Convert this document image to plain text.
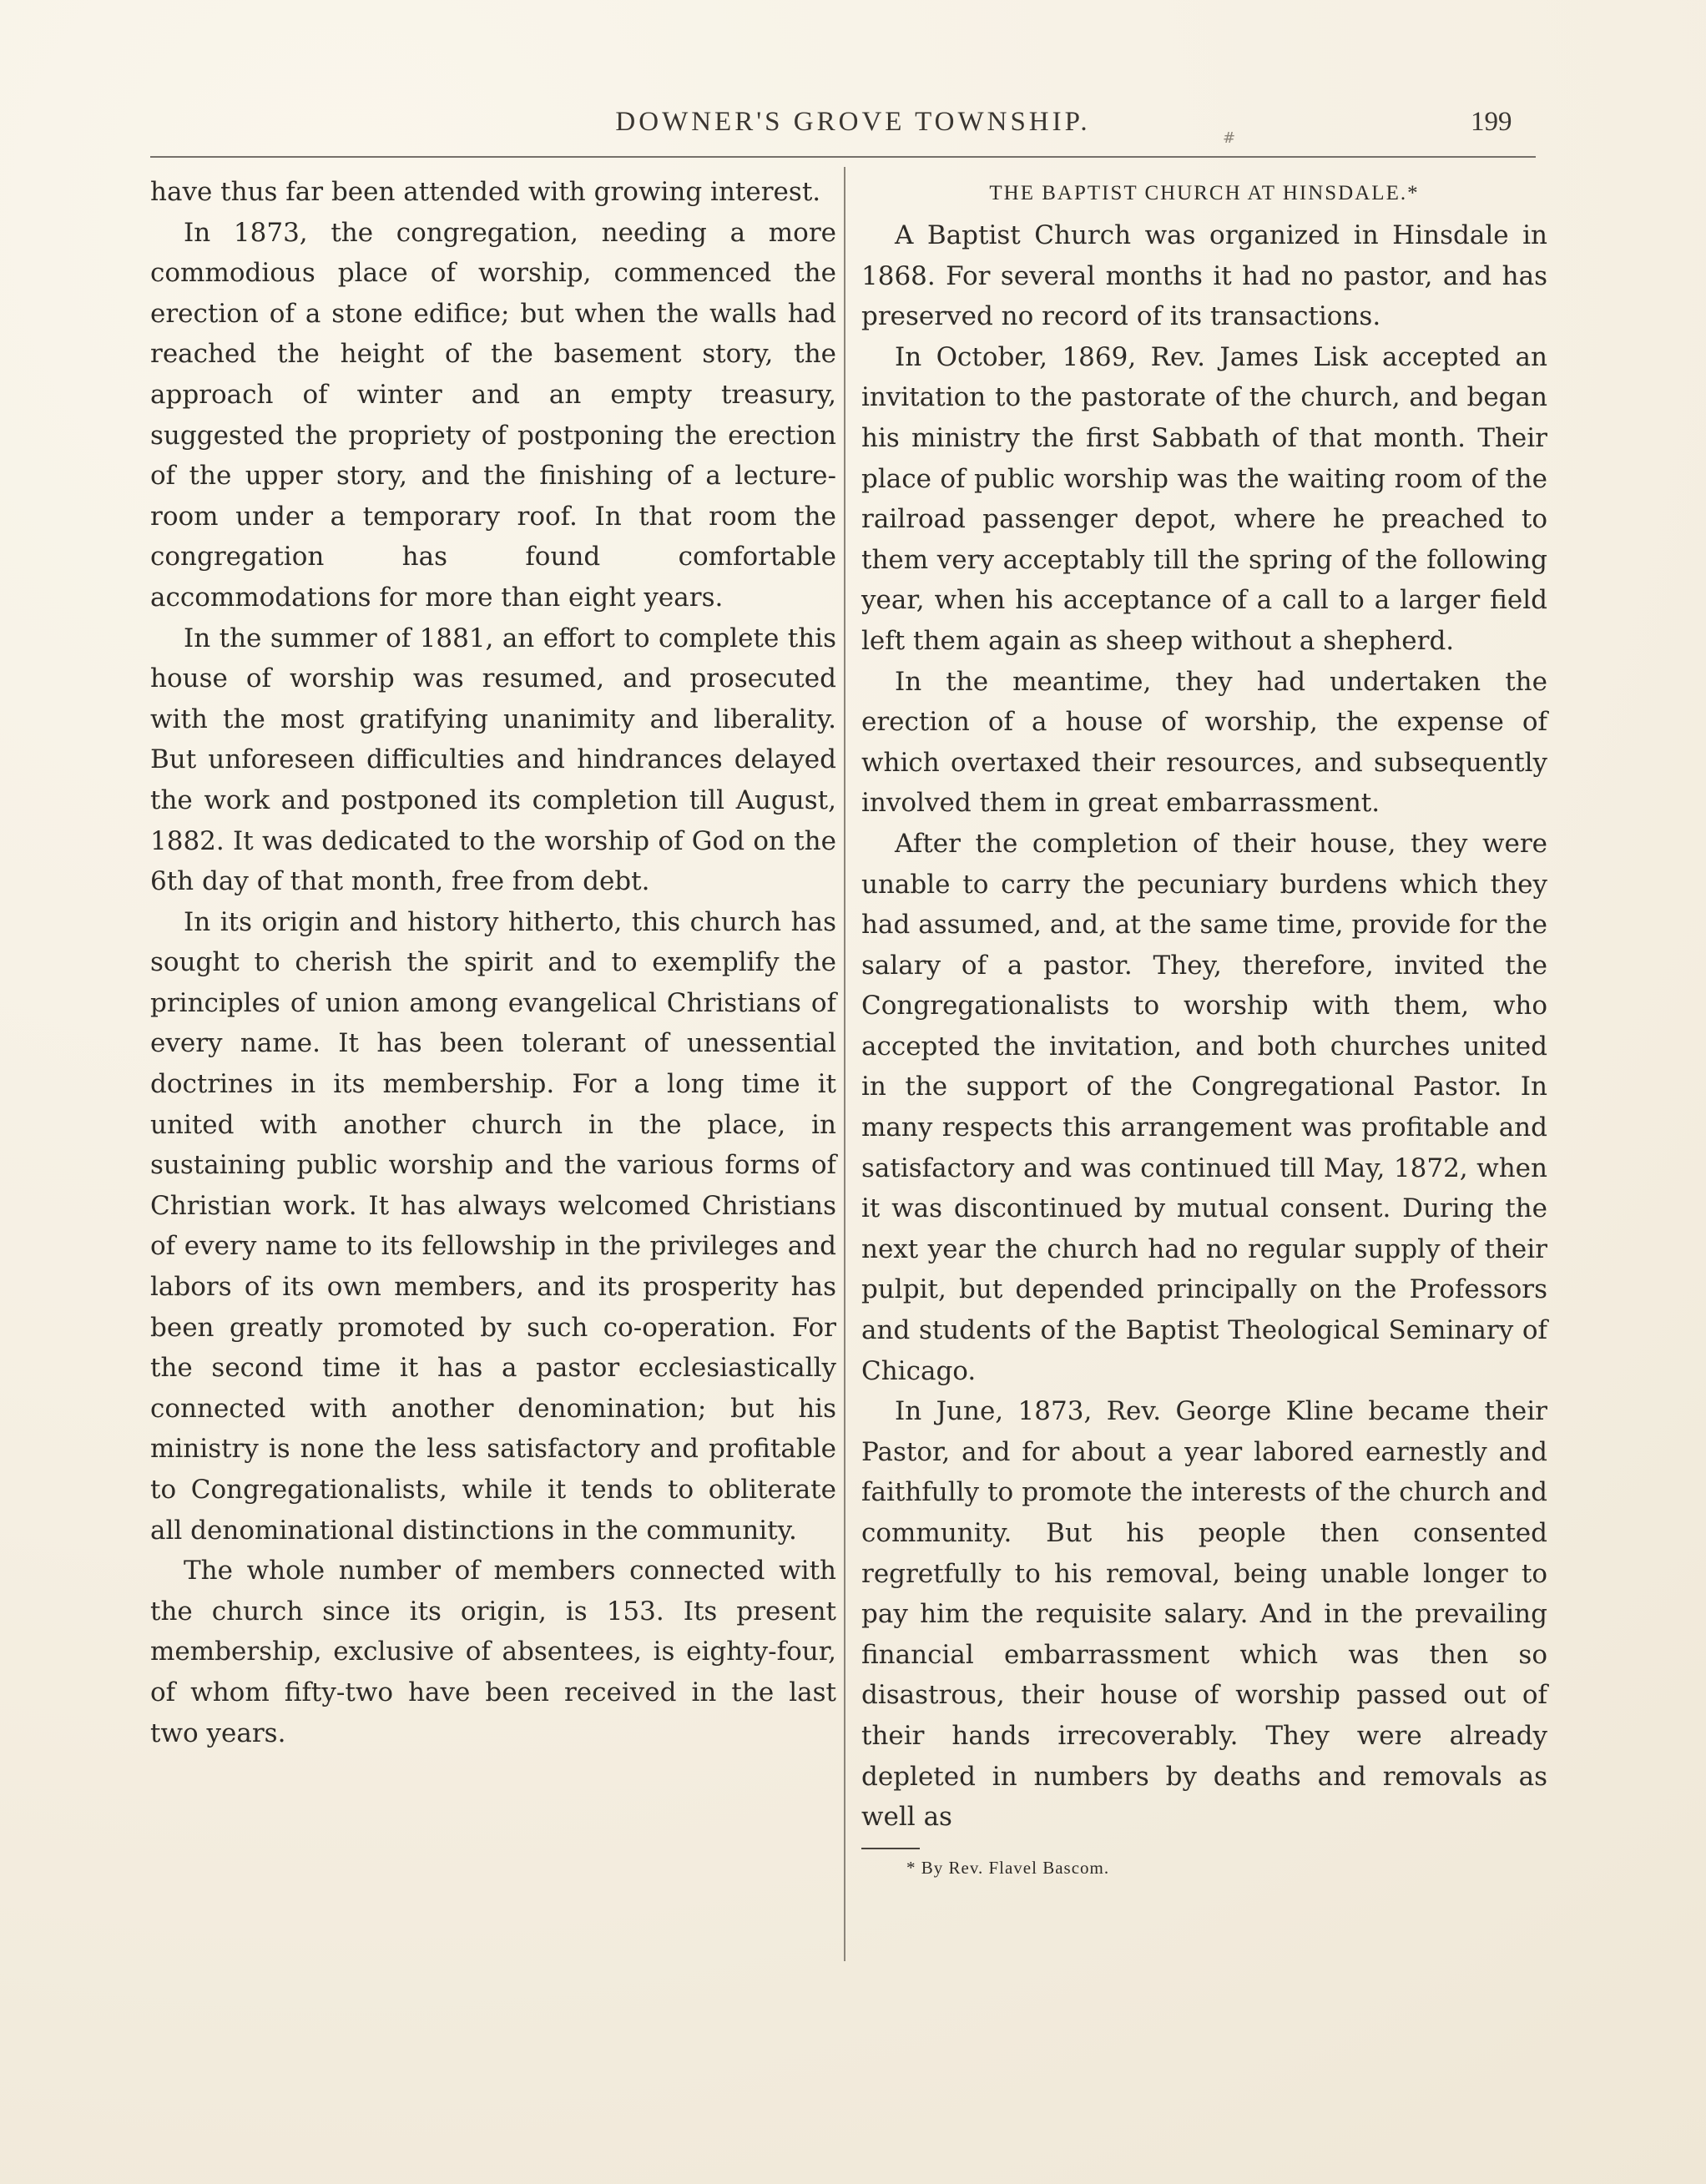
DOWNER'S GROVE TOWNSHIP.
#
199

have thus far been attended with growing interest.

In 1873, the congregation, needing a more commodious place of worship, commenced the erection of a stone edifice; but when the walls had reached the height of the basement story, the approach of winter and an empty treasury, suggested the propriety of postponing the erection of the upper story, and the finishing of a lecture-room under a temporary roof. In that room the congregation has found comfortable accommodations for more than eight years.

In the summer of 1881, an effort to complete this house of worship was resumed, and prosecuted with the most gratifying unanimity and liberality. But unforeseen difficulties and hindrances delayed the work and postponed its completion till August, 1882. It was dedicated to the worship of God on the 6th day of that month, free from debt.

In its origin and history hitherto, this church has sought to cherish the spirit and to exemplify the principles of union among evangelical Christians of every name. It has been tolerant of unessential doctrines in its membership. For a long time it united with another church in the place, in sustaining public worship and the various forms of Christian work. It has always welcomed Christians of every name to its fellowship in the privileges and labors of its own members, and its prosperity has been greatly promoted by such co-operation. For the second time it has a pastor ecclesiastically connected with another denomination; but his ministry is none the less satisfactory and profitable to Congregationalists, while it tends to obliterate all denominational distinctions in the community.

The whole number of members connected with the church since its origin, is 153. Its present membership, exclusive of absentees, is eighty-four, of whom fifty-two have been received in the last two years.

THE BAPTIST CHURCH AT HINSDALE.*

A Baptist Church was organized in Hinsdale in 1868. For several months it had no pastor, and has preserved no record of its transactions.

In October, 1869, Rev. James Lisk accepted an invitation to the pastorate of the church, and began his ministry the first Sabbath of that month. Their place of public worship was the waiting room of the railroad passenger depot, where he preached to them very acceptably till the spring of the following year, when his acceptance of a call to a larger field left them again as sheep without a shepherd.

In the meantime, they had undertaken the erection of a house of worship, the expense of which overtaxed their resources, and subsequently involved them in great embarrassment.

After the completion of their house, they were unable to carry the pecuniary burdens which they had assumed, and, at the same time, provide for the salary of a pastor. They, therefore, invited the Congregationalists to worship with them, who accepted the invitation, and both churches united in the support of the Congregational Pastor. In many respects this arrangement was profitable and satisfactory and was continued till May, 1872, when it was discontinued by mutual consent. During the next year the church had no regular supply of their pulpit, but depended principally on the Professors and students of the Baptist Theological Seminary of Chicago.

In June, 1873, Rev. George Kline became their Pastor, and for about a year labored earnestly and faithfully to promote the interests of the church and community. But his people then consented regretfully to his removal, being unable longer to pay him the requisite salary. And in the prevailing financial embarrassment which was then so disastrous, their house of worship passed out of their hands irrecoverably. They were already depleted in numbers by deaths and removals as well as

* By Rev. Flavel Bascom.
